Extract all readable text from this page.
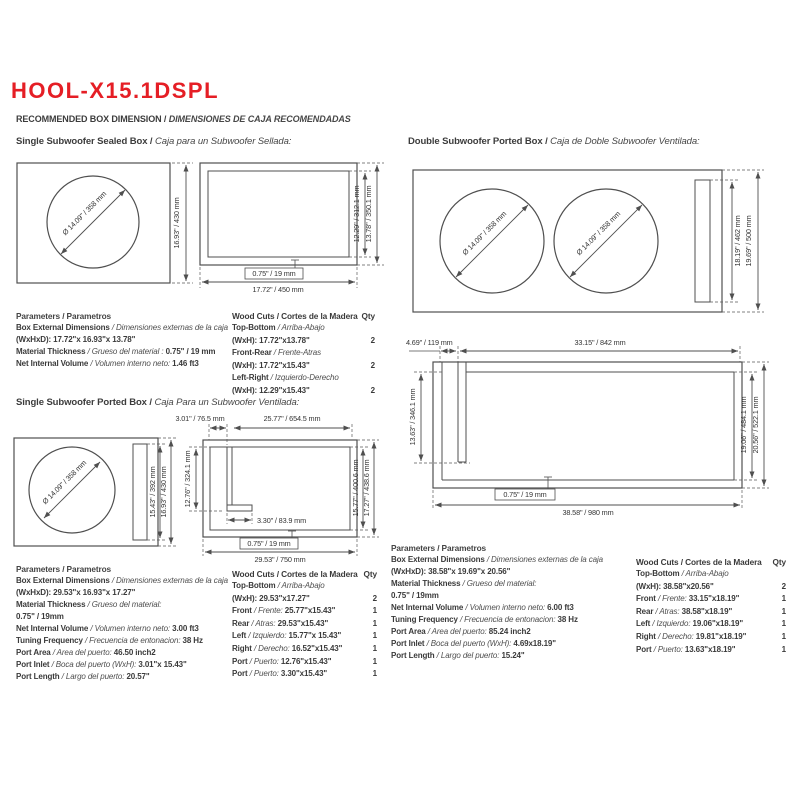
Ø 14.09" / 358 mm	16.93" / 430 mm	12.29" / 312.1 mm 13.78" / 350.1 mm
0.75" / 19 mm
17.72" / 450 mm
Ø 14.09" / 358 mm	Ø 14.09" / 358 mm	18.19" / 462 mm 19.69" / 500 mm
4.69" / 119 mm	33.15" / 842 mm
13.63" / 346.1 mm	19.06" / 484.1 mm 20.56" / 522.1 mm
0.75" / 19 mm
38.58" / 980 mm
Ø 14.09" / 358 mm	15.43" / 392 mm 16.93" / 430 mm
3.01" / 76.5 mm	25.77" / 654.5 mm
12.76" / 324.1 mm
3.30" / 83.9 mm
15.77" / 400.6 mm 17.27" / 438.6 mm
0.75" / 19 mm
29.53" / 750 mm
HOOL-X15.1DSPL
RECOMMENDED BOX DIMENSION / DIMENSIONES DE CAJA RECOMENDADAS
Single Subwoofer Sealed Box / Caja para un Subwoofer Sellada:	Double Subwoofer Ported Box / Caja de Doble Subwoofer Ventilada:
Single Subwoofer Ported Box / Caja Para un Subwoofer Ventilada:
Parameters / Parametros
Box External Dimensions / Dimensiones externas de la caja
(WxHxD): 17.72"x 16.93"x 13.78"
Material Thickness / Grueso del material : 0.75" / 19 mm
Net Internal Volume / Volumen interno neto: 1.46 ft3
Wood Cuts / Cortes de la Madera Qty
Top-Bottom / Arriba-Abajo
(WxH): 17.72"x13.78"	2
Front-Rear / Frente-Atras
(WxH): 17.72"x15.43"	2
Left-Right / Izquierdo-Derecho
(WxH): 12.29"x15.43"	2
Parameters / Parametros
Box External Dimensions / Dimensiones externas de la caja
(WxHxD): 29.53"x 16.93"x 17.27"
Material Thickness / Grueso del material:
0.75" / 19mm
Net Internal Volume / Volumen interno neto: 3.00 ft3
Tuning Frequency / Frecuencia de entonacion: 38 Hz
Port Area / Area del puerto: 46.50 inch2
Port Inlet / Boca del puerto (WxH): 3.01"x 15.43"
Port Length / Largo del puerto: 20.57"
Wood Cuts / Cortes de la Madera Qty
Top-Bottom / Arriba-Abajo
(WxH): 29.53"x17.27"	2
Front / Frente: 25.77"x15.43"	1
Rear / Atras: 29.53"x15.43"	1
Left / Izquierdo: 15.77"x 15.43"	1
Right / Derecho: 16.52"x15.43"	1
Port / Puerto: 12.76"x15.43"	1
Port / Puerto: 3.30"x15.43"	1
Parameters / Parametros
Box External Dimensions / Dimensiones externas de la caja
(WxHxD): 38.58"x 19.69"x 20.56"
Material Thickness / Grueso del material:
0.75" / 19mm
Net Internal Volume / Volumen interno neto: 6.00 ft3
Tuning Frequency / Frecuencia de entonacion: 38 Hz
Port Area / Area del puerto: 85.24 inch2
Port Inlet / Boca del puerto (WxH): 4.69x18.19"
Port Length / Largo del puerto: 15.24"
Wood Cuts / Cortes de la Madera Qty
Top-Bottom / Arriba-Abajo
(WxH): 38.58"x20.56"	2
Front / Frente: 33.15"x18.19"	1
Rear / Atras: 38.58"x18.19"	1
Left / Izquierdo: 19.06"x18.19"	1
Right / Derecho: 19.81"x18.19"	1
Port / Puerto: 13.63"x18.19"	1
